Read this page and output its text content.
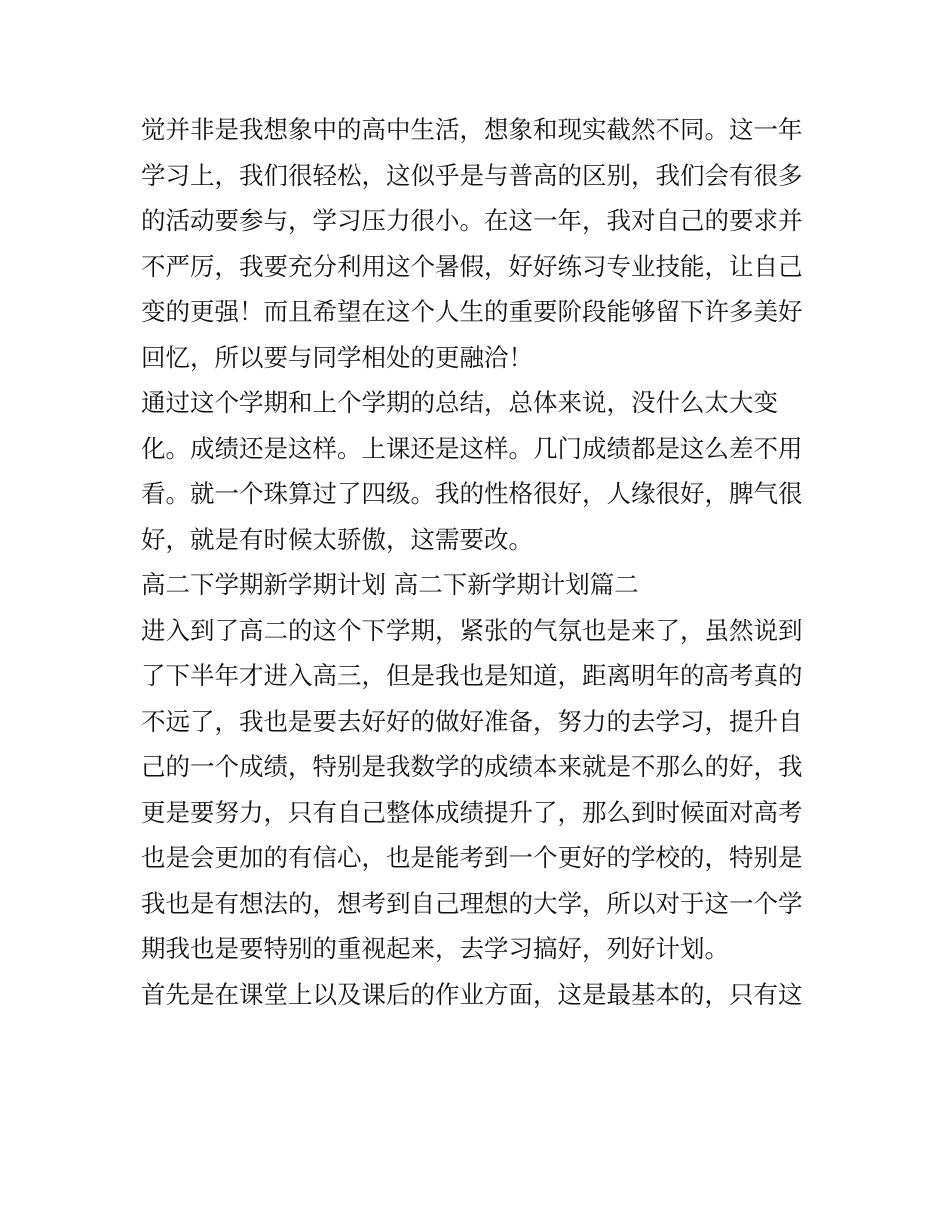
觉并非是我想象中的高中生活，想象和现实截然不同。这一年
学习上，我们很轻松，这似乎是与普高的区别，我们会有很多
的活动要参与，学习压力很小。在这一年，我对自己的要求并
不严厉，我要充分利用这个暑假，好好练习专业技能，让自己
变的更强！而且希望在这个人生的重要阶段能够留下许多美好
回忆，所以要与同学相处的更融洽！
通过这个学期和上个学期的总结，总体来说，没什么太大变
化。成绩还是这样。上课还是这样。几门成绩都是这么差不用
看。就一个珠算过了四级。我的性格很好，人缘很好，脾气很
好，就是有时候太骄傲，这需要改。
高二下学期新学期计划 高二下新学期计划篇二
进入到了高二的这个下学期，紧张的气氛也是来了，虽然说到
了下半年才进入高三，但是我也是知道，距离明年的高考真的
不远了，我也是要去好好的做好准备，努力的去学习，提升自
己的一个成绩，特别是我数学的成绩本来就是不那么的好，我
更是要努力，只有自己整体成绩提升了，那么到时候面对高考
也是会更加的有信心，也是能考到一个更好的学校的，特别是
我也是有想法的，想考到自己理想的大学，所以对于这一个学
期我也是要特别的重视起来，去学习搞好，列好计划。
首先是在课堂上以及课后的作业方面，这是最基本的，只有这
